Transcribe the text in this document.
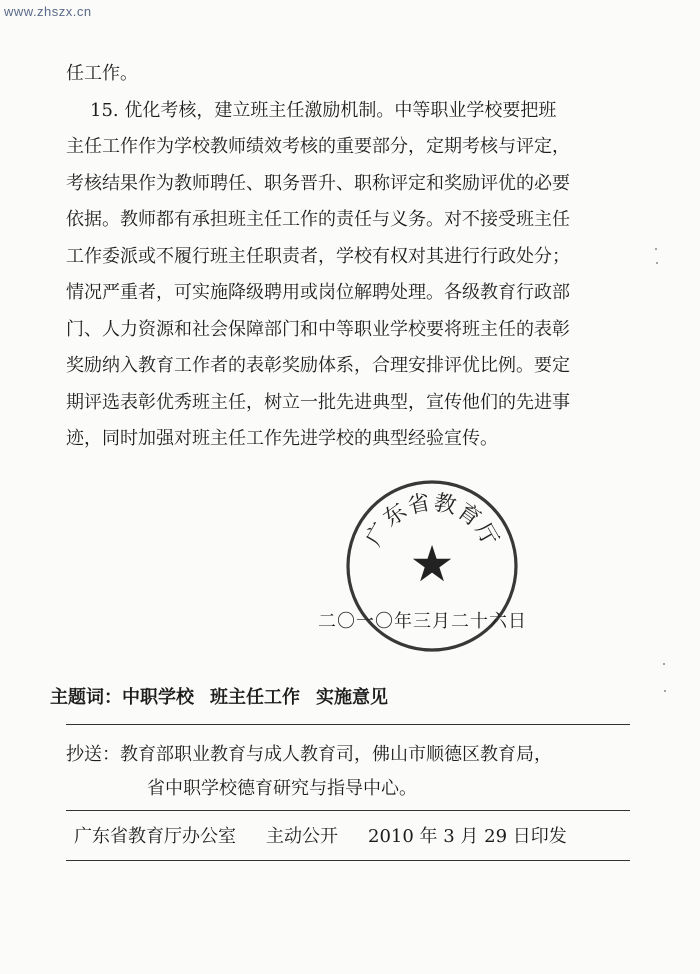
www.zhszx.cn
任工作。
15. 优化考核，建立班主任激励机制。中等职业学校要把班
主任工作作为学校教师绩效考核的重要部分，定期考核与评定，
考核结果作为教师聘任、职务晋升、职称评定和奖励评优的必要
依据。教师都有承担班主任工作的责任与义务。对不接受班主任
工作委派或不履行班主任职责者，学校有权对其进行行政处分；
情况严重者，可实施降级聘用或岗位解聘处理。各级教育行政部
门、人力资源和社会保障部门和中等职业学校要将班主任的表彰
奖励纳入教育工作者的表彰奖励体系，合理安排评优比例。要定
期评选表彰优秀班主任，树立一批先进典型，宣传他们的先进事
迹，同时加强对班主任工作先进学校的典型经验宣传。
二〇一〇年三月二十六日
广
东
省 教
育
厅
★
主题词：中职学校 班主任工作 实施意见
抄送：教育部职业教育与成人教育司，佛山市顺德区教育局，
省中职学校德育研究与指导中心。
广东省教育厅办公室 主动公开 2010 年 3 月 29 日印发
